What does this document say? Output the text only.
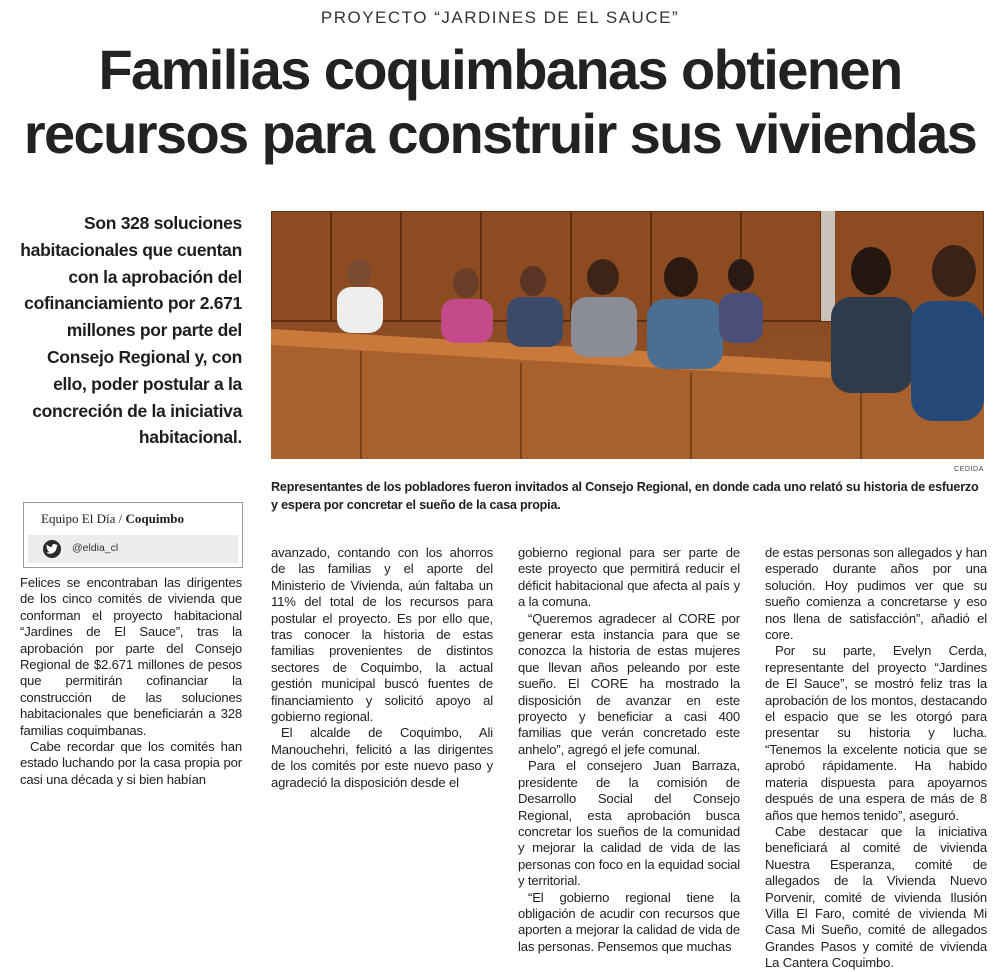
PROYECTO “JARDINES DE EL SAUCE”
Familias coquimbanas obtienen
recursos para construir sus viviendas
Son 328 soluciones habitacionales que cuentan con la aprobación del cofinanciamiento por 2.671 millones por parte del Consejo Regional y, con ello, poder postular a la concreción de la iniciativa habitacional.
CEDIDA
Representantes de los pobladores fueron invitados al Consejo Regional, en donde cada uno relató su historia de esfuerzo y espera por concretar el sueño de la casa propia.
Equipo El Día / Coquimbo
@eldia_cl

Felices se encontraban las dirigentes de los cinco comités de vivienda que conforman el proyecto habitacional “Jardines de El Sauce”, tras la aprobación por parte del Consejo Regional de $2.671 millones de pesos que permitirán cofinanciar la construcción de las soluciones habitacionales que beneficiarán a 328 familias coquimbanas.

Cabe recordar que los comités han estado luchando por la casa propia por casi una década y si bien habían

avanzado, contando con los ahorros de las familias y el aporte del Ministerio de Vivienda, aún faltaba un 11% del total de los recursos para postular el proyecto. Es por ello que, tras conocer la historia de estas familias provenientes de distintos sectores de Coquimbo, la actual gestión municipal buscó fuentes de financiamiento y solicitó apoyo al gobierno regional.

El alcalde de Coquimbo, Ali Manouchehri, felicitó a las dirigentes de los comités por este nuevo paso y agradeció la disposición desde el

gobierno regional para ser parte de este proyecto que permitirá reducir el déficit habitacional que afecta al país y a la comuna.

“Queremos agradecer al CORE por generar esta instancia para que se conozca la historia de estas mujeres que llevan años peleando por este sueño. El CORE ha mostrado la disposición de avanzar en este proyecto y beneficiar a casi 400 familias que verán concretado este anhelo”, agregó el jefe comunal.

Para el consejero Juan Barraza, presidente de la comisión de Desarrollo Social del Consejo Regional, esta aprobación busca concretar los sueños de la comunidad y mejorar la calidad de vida de las personas con foco en la equidad social y territorial.

“El gobierno regional tiene la obligación de acudir con recursos que aporten a mejorar la calidad de vida de las personas. Pensemos que muchas

de estas personas son allegados y han esperado durante años por una solución. Hoy pudimos ver que su sueño comienza a concretarse y eso nos llena de satisfacción”, añadió el core.

Por su parte, Evelyn Cerda, representante del proyecto “Jardines de El Sauce”, se mostró feliz tras la aprobación de los montos, destacando el espacio que se les otorgó para presentar su historia y lucha. “Tenemos la excelente noticia que se aprobó rápidamente. Ha habido materia dispuesta para apoyarnos después de una espera de más de 8 años que hemos tenido”, aseguró.

Cabe destacar que la iniciativa beneficiará al comité de vivienda Nuestra Esperanza, comité de allegados de la Vivienda Nuevo Porvenir, comité de vivienda Ilusión Villa El Faro, comité de vivienda Mi Casa Mi Sueño, comité de allegados Grandes Pasos y comité de vivienda La Cantera Coquimbo.
